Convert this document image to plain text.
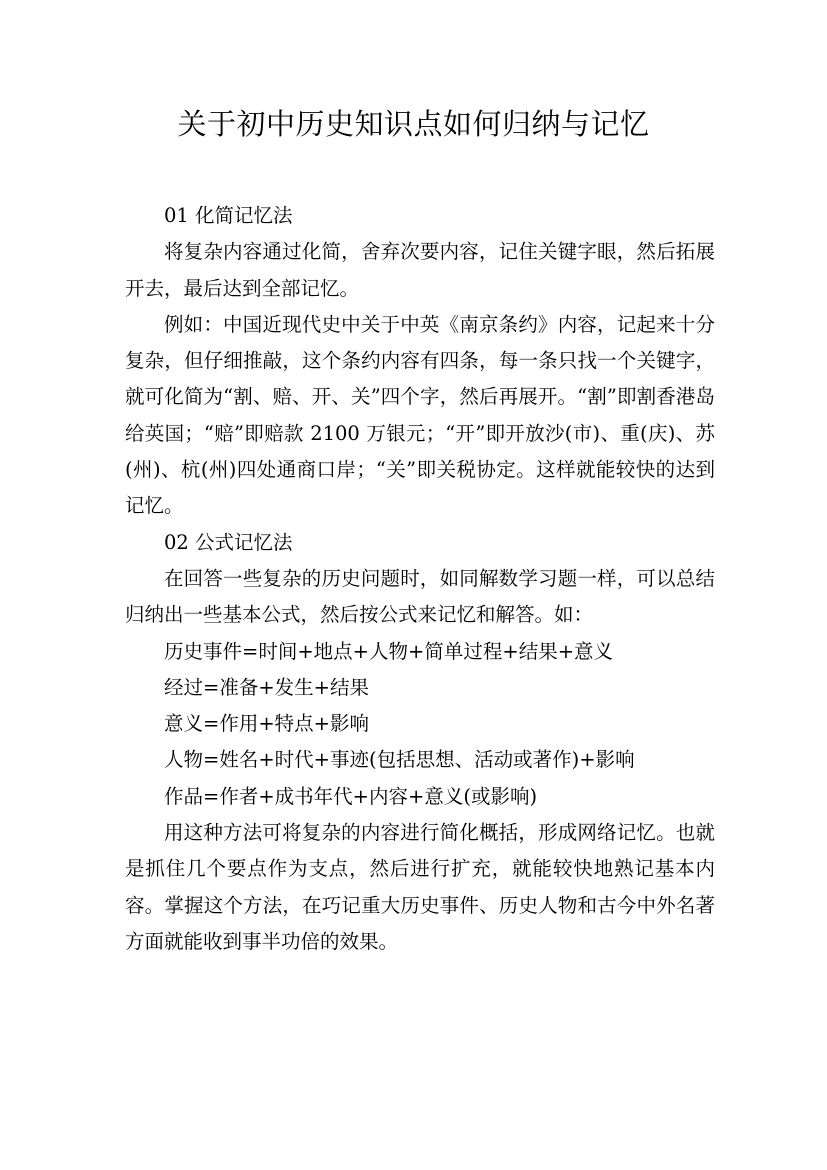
关于初中历史知识点如何归纳与记忆

01 化简记忆法

将复杂内容通过化简，舍弃次要内容，记住关键字眼，然后拓展开去，最后达到全部记忆。

例如：中国近现代史中关于中英《南京条约》内容，记起来十分复杂，但仔细推敲，这个条约内容有四条，每一条只找一个关键字，就可化简为“割、赔、开、关”四个字，然后再展开。“割”即割香港岛给英国；“赔”即赔款 2100 万银元；“开”即开放沙(市)、重(庆)、苏(州)、杭(州)四处通商口岸；“关”即关税协定。这样就能较快的达到记忆。

02 公式记忆法

在回答一些复杂的历史问题时，如同解数学习题一样，可以总结归纳出一些基本公式，然后按公式来记忆和解答。如：

历史事件=时间+地点+人物+简单过程+结果+意义

经过=准备+发生+结果

意义=作用+特点+影响

人物=姓名+时代+事迹(包括思想、活动或著作)+影响

作品=作者+成书年代+内容+意义(或影响)

用这种方法可将复杂的内容进行简化概括，形成网络记忆。也就是抓住几个要点作为支点，然后进行扩充，就能较快地熟记基本内容。掌握这个方法，在巧记重大历史事件、历史人物和古今中外名著方面就能收到事半功倍的效果。
